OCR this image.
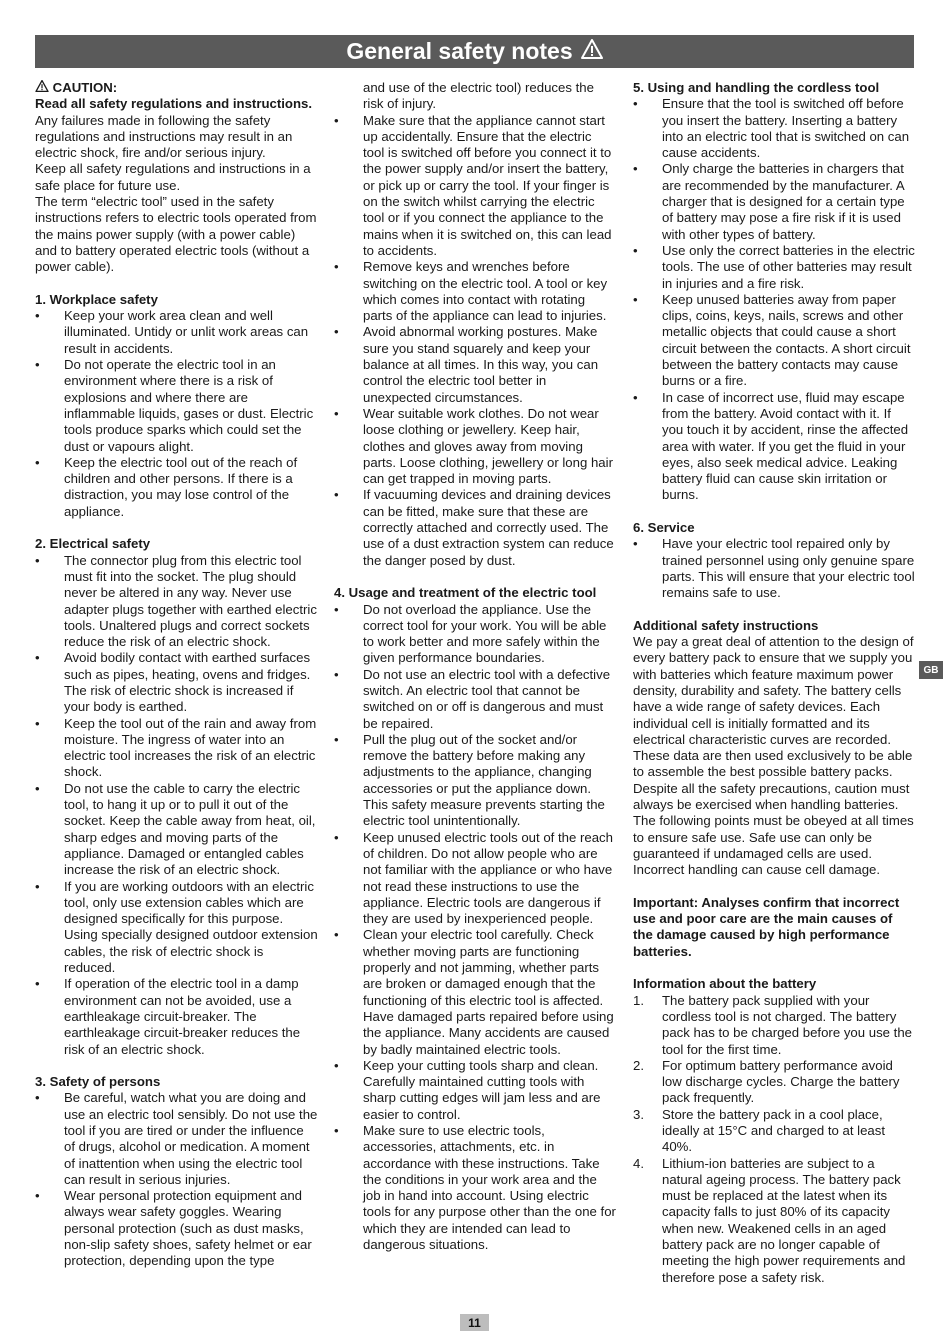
General safety notes

CAUTION:

Read all safety regulations and instructions.

Any failures made in following the safety regulations and instructions may result in an electric shock, fire and/or serious injury.

Keep all safety regulations and instructions in a safe place for future use.

The term “electric tool” used in the safety instructions refers to electric tools operated from the mains power supply (with a power cable) and to battery operated electric tools (without a power cable).

1. Workplace safety

• Keep your work area clean and well illuminated. Untidy or unlit work areas can result in accidents.
• Do not operate the electric tool in an environment where there is a risk of explosions and where there are inflammable liquids, gases or dust. Electric tools produce sparks which could set the dust or vapours alight.
• Keep the electric tool out of the reach of children and other persons. If there is a distraction, you may lose control of the appliance.

2. Electrical safety

• The connector plug from this electric tool must fit into the socket. The plug should never be altered in any way. Never use adapter plugs together with earthed electric tools. Unaltered plugs and correct sockets reduce the risk of an electric shock.
• Avoid bodily contact with earthed surfaces such as pipes, heating, ovens and fridges. The risk of electric shock is increased if your body is earthed.
• Keep the tool out of the rain and away from moisture. The ingress of water into an electric tool increases the risk of an electric shock.
• Do not use the cable to carry the electric tool, to hang it up or to pull it out of the socket. Keep the cable away from heat, oil, sharp edges and moving parts of the appliance. Damaged or entangled cables increase the risk of an electric shock.
• If you are working outdoors with an electric tool, only use extension cables which are designed specifically for this purpose. Using specially designed outdoor extension cables, the risk of electric shock is reduced.
• If operation of the electric tool in a damp environment can not be avoided, use a earthleakage circuit-breaker. The earthleakage circuit-breaker reduces the risk of an electric shock.

3. Safety of persons

• Be careful, watch what you are doing and use an electric tool sensibly. Do not use the tool if you are tired or under the influence of drugs, alcohol or medication. A moment of inattention when using the electric tool can result in serious injuries.
• Wear personal protection equipment and always wear safety goggles. Wearing personal protection (such as dust masks, non-slip safety shoes, safety helmet or ear protection, depending upon the type
and use of the electric tool) reduces the risk of injury.
• Make sure that the appliance cannot start up accidentally. Ensure that the electric tool is switched off before you connect it to the power supply and/or insert the battery, or pick up or carry the tool. If your finger is on the switch whilst carrying the electric tool or if you connect the appliance to the mains when it is switched on, this can lead to accidents.
• Remove keys and wrenches before switching on the electric tool. A tool or key which comes into contact with rotating parts of the appliance can lead to injuries.
• Avoid abnormal working postures. Make sure you stand squarely and keep your balance at all times. In this way, you can control the electric tool better in unexpected circumstances.
• Wear suitable work clothes. Do not wear loose clothing or jewellery. Keep hair, clothes and gloves away from moving parts. Loose clothing, jewellery or long hair can get trapped in moving parts.
• If vacuuming devices and draining devices can be fitted, make sure that these are correctly attached and correctly used. The use of a dust extraction system can reduce the danger posed by dust.

4. Usage and treatment of the electric tool

• Do not overload the appliance. Use the correct tool for your work. You will be able to work better and more safely within the given performance boundaries.
• Do not use an electric tool with a defective switch. An electric tool that cannot be switched on or off is dangerous and must be repaired.
• Pull the plug out of the socket and/or remove the battery before making any adjustments to the appliance, changing accessories or put the appliance down. This safety measure prevents starting the electric tool unintentionally.
• Keep unused electric tools out of the reach of children. Do not allow people who are not familiar with the appliance or who have not read these instructions to use the appliance. Electric tools are dangerous if they are used by inexperienced people.
• Clean your electric tool carefully. Check whether moving parts are functioning properly and not jamming, whether parts are broken or damaged enough that the functioning of this electric tool is affected. Have damaged parts repaired before using the appliance. Many accidents are caused by badly maintained electric tools.
• Keep your cutting tools sharp and clean. Carefully maintained cutting tools with sharp cutting edges will jam less and are easier to control.
• Make sure to use electric tools, accessories, attachments, etc. in accordance with these instructions. Take the conditions in your work area and the job in hand into account. Using electric tools for any purpose other than the one for which they are intended can lead to dangerous situations.

5. Using and handling the cordless tool

• Ensure that the tool is switched off before you insert the battery. Inserting a battery into an electric tool that is switched on can cause accidents.
• Only charge the batteries in chargers that are recommended by the manufacturer. A charger that is designed for a certain type of battery may pose a fire risk if it is used with other types of battery.
• Use only the correct batteries in the electric tools. The use of other batteries may result in injuries and a fire risk.
• Keep unused batteries away from paper clips, coins, keys, nails, screws and other metallic objects that could cause a short circuit between the contacts. A short circuit between the battery contacts may cause burns or a fire.
• In case of incorrect use, fluid may escape from the battery. Avoid contact with it. If you touch it by accident, rinse the affected area with water. If you get the fluid in your eyes, also seek medical advice. Leaking battery fluid can cause skin irritation or burns.

6. Service

• Have your electric tool repaired only by trained personnel using only genuine spare parts. This will ensure that your electric tool remains safe to use.

Additional safety instructions

We pay a great deal of attention to the design of every battery pack to ensure that we supply you with batteries which feature maximum power density, durability and safety. The battery cells have a wide range of safety devices. Each individual cell is initially formatted and its electrical characteristic curves are recorded. These data are then used exclusively to be able to assemble the best possible battery packs.

Despite all the safety precautions, caution must always be exercised when handling batteries. The following points must be obeyed at all times to ensure safe use. Safe use can only be guaranteed if undamaged cells are used. Incorrect handling can cause cell damage.

Important: Analyses confirm that incorrect use and poor care are the main causes of the damage caused by high performance batteries.

Information about the battery

1. The battery pack supplied with your cordless tool is not charged. The battery pack has to be charged before you use the tool for the first time.
2. For optimum battery performance avoid low discharge cycles. Charge the battery pack frequently.
3. Store the battery pack in a cool place, ideally at 15°C and charged to at least 40%.
4. Lithium-ion batteries are subject to a natural ageing process. The battery pack must be replaced at the latest when its capacity falls to just 80% of its capacity when new. Weakened cells in an aged battery pack are no longer capable of meeting the high power requirements and therefore pose a safety risk.
GB
11
